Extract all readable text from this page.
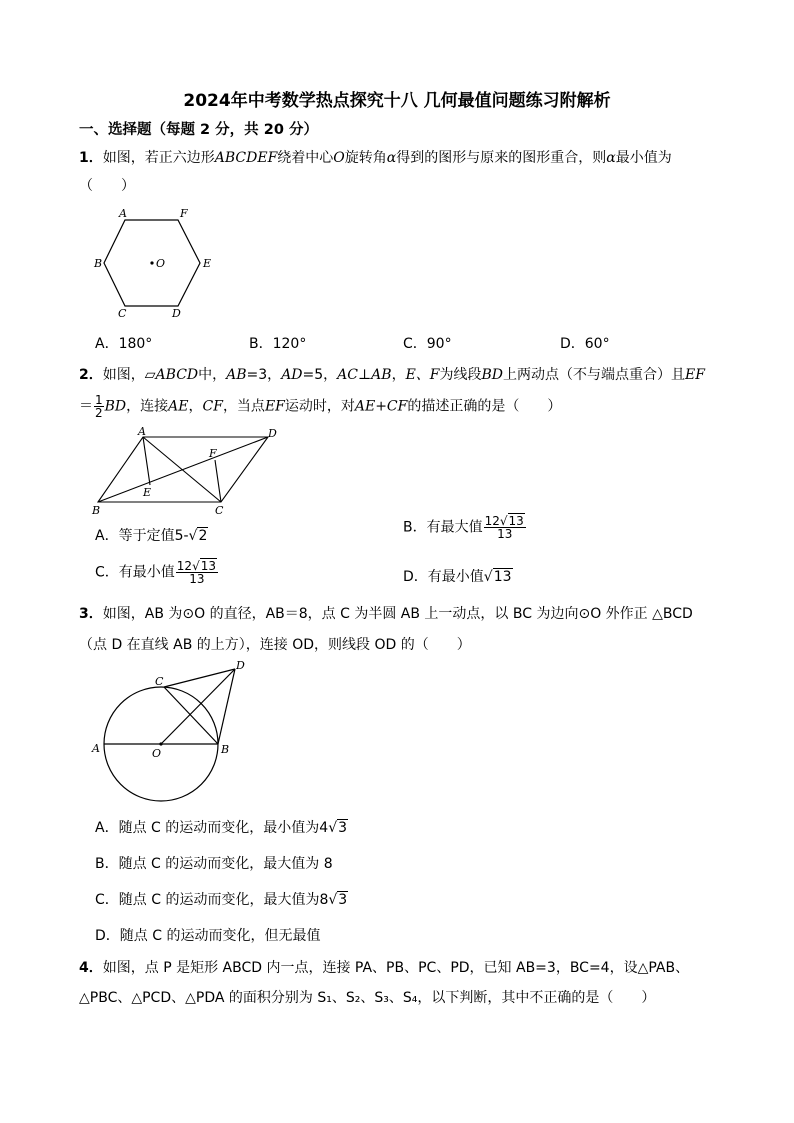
2024年中考数学热点探究十八 几何最值问题练习附解析
一、选择题（每题 2 分，共 20 分）
1．如图，若正六边形ABCDEF绕着中心O旋转角α得到的图形与原来的图形重合，则α最小值为
（　　）
A	F
B	E
C	D
O
A．180°	B．120°	C．90°	D．60°
2．如图，▱ABCD中，AB=3，AD=5，AC⊥AB，E、F为线段BD上两动点（不与端点重合）且EF
＝ $\frac{1}{2}$ BD，连接AE，CF，当点EF运动时，对AE+CF的描述正确的是（　　）
A	D
F
E
B	C
A．等于定值5-√2
B．有最大值 $\frac{12√13}{13}$
C．有最小值 $\frac{12√13}{13}$	D．有最小值√13
3．如图，AB 为⊙O 的直径，AB＝8，点 C 为半圆 AB 上一动点，以 BC 为边向⊙O 外作正 △BCD
（点 D 在直线 AB 的上方），连接 OD，则线段 OD 的（　　）
C
D
A	O	B
A．随点 C 的运动而变化，最小值为4√3
B．随点 C 的运动而变化，最大值为 8
C．随点 C 的运动而变化，最大值为8√3
D．随点 C 的运动而变化，但无最值
4．如图，点 P 是矩形 ABCD 内一点，连接 PA、PB、PC、PD，已知 AB=3，BC=4，设△PAB、
△PBC、△PCD、△PDA 的面积分别为 S₁、S₂、S₃、S₄，以下判断，其中不正确的是（　　）
